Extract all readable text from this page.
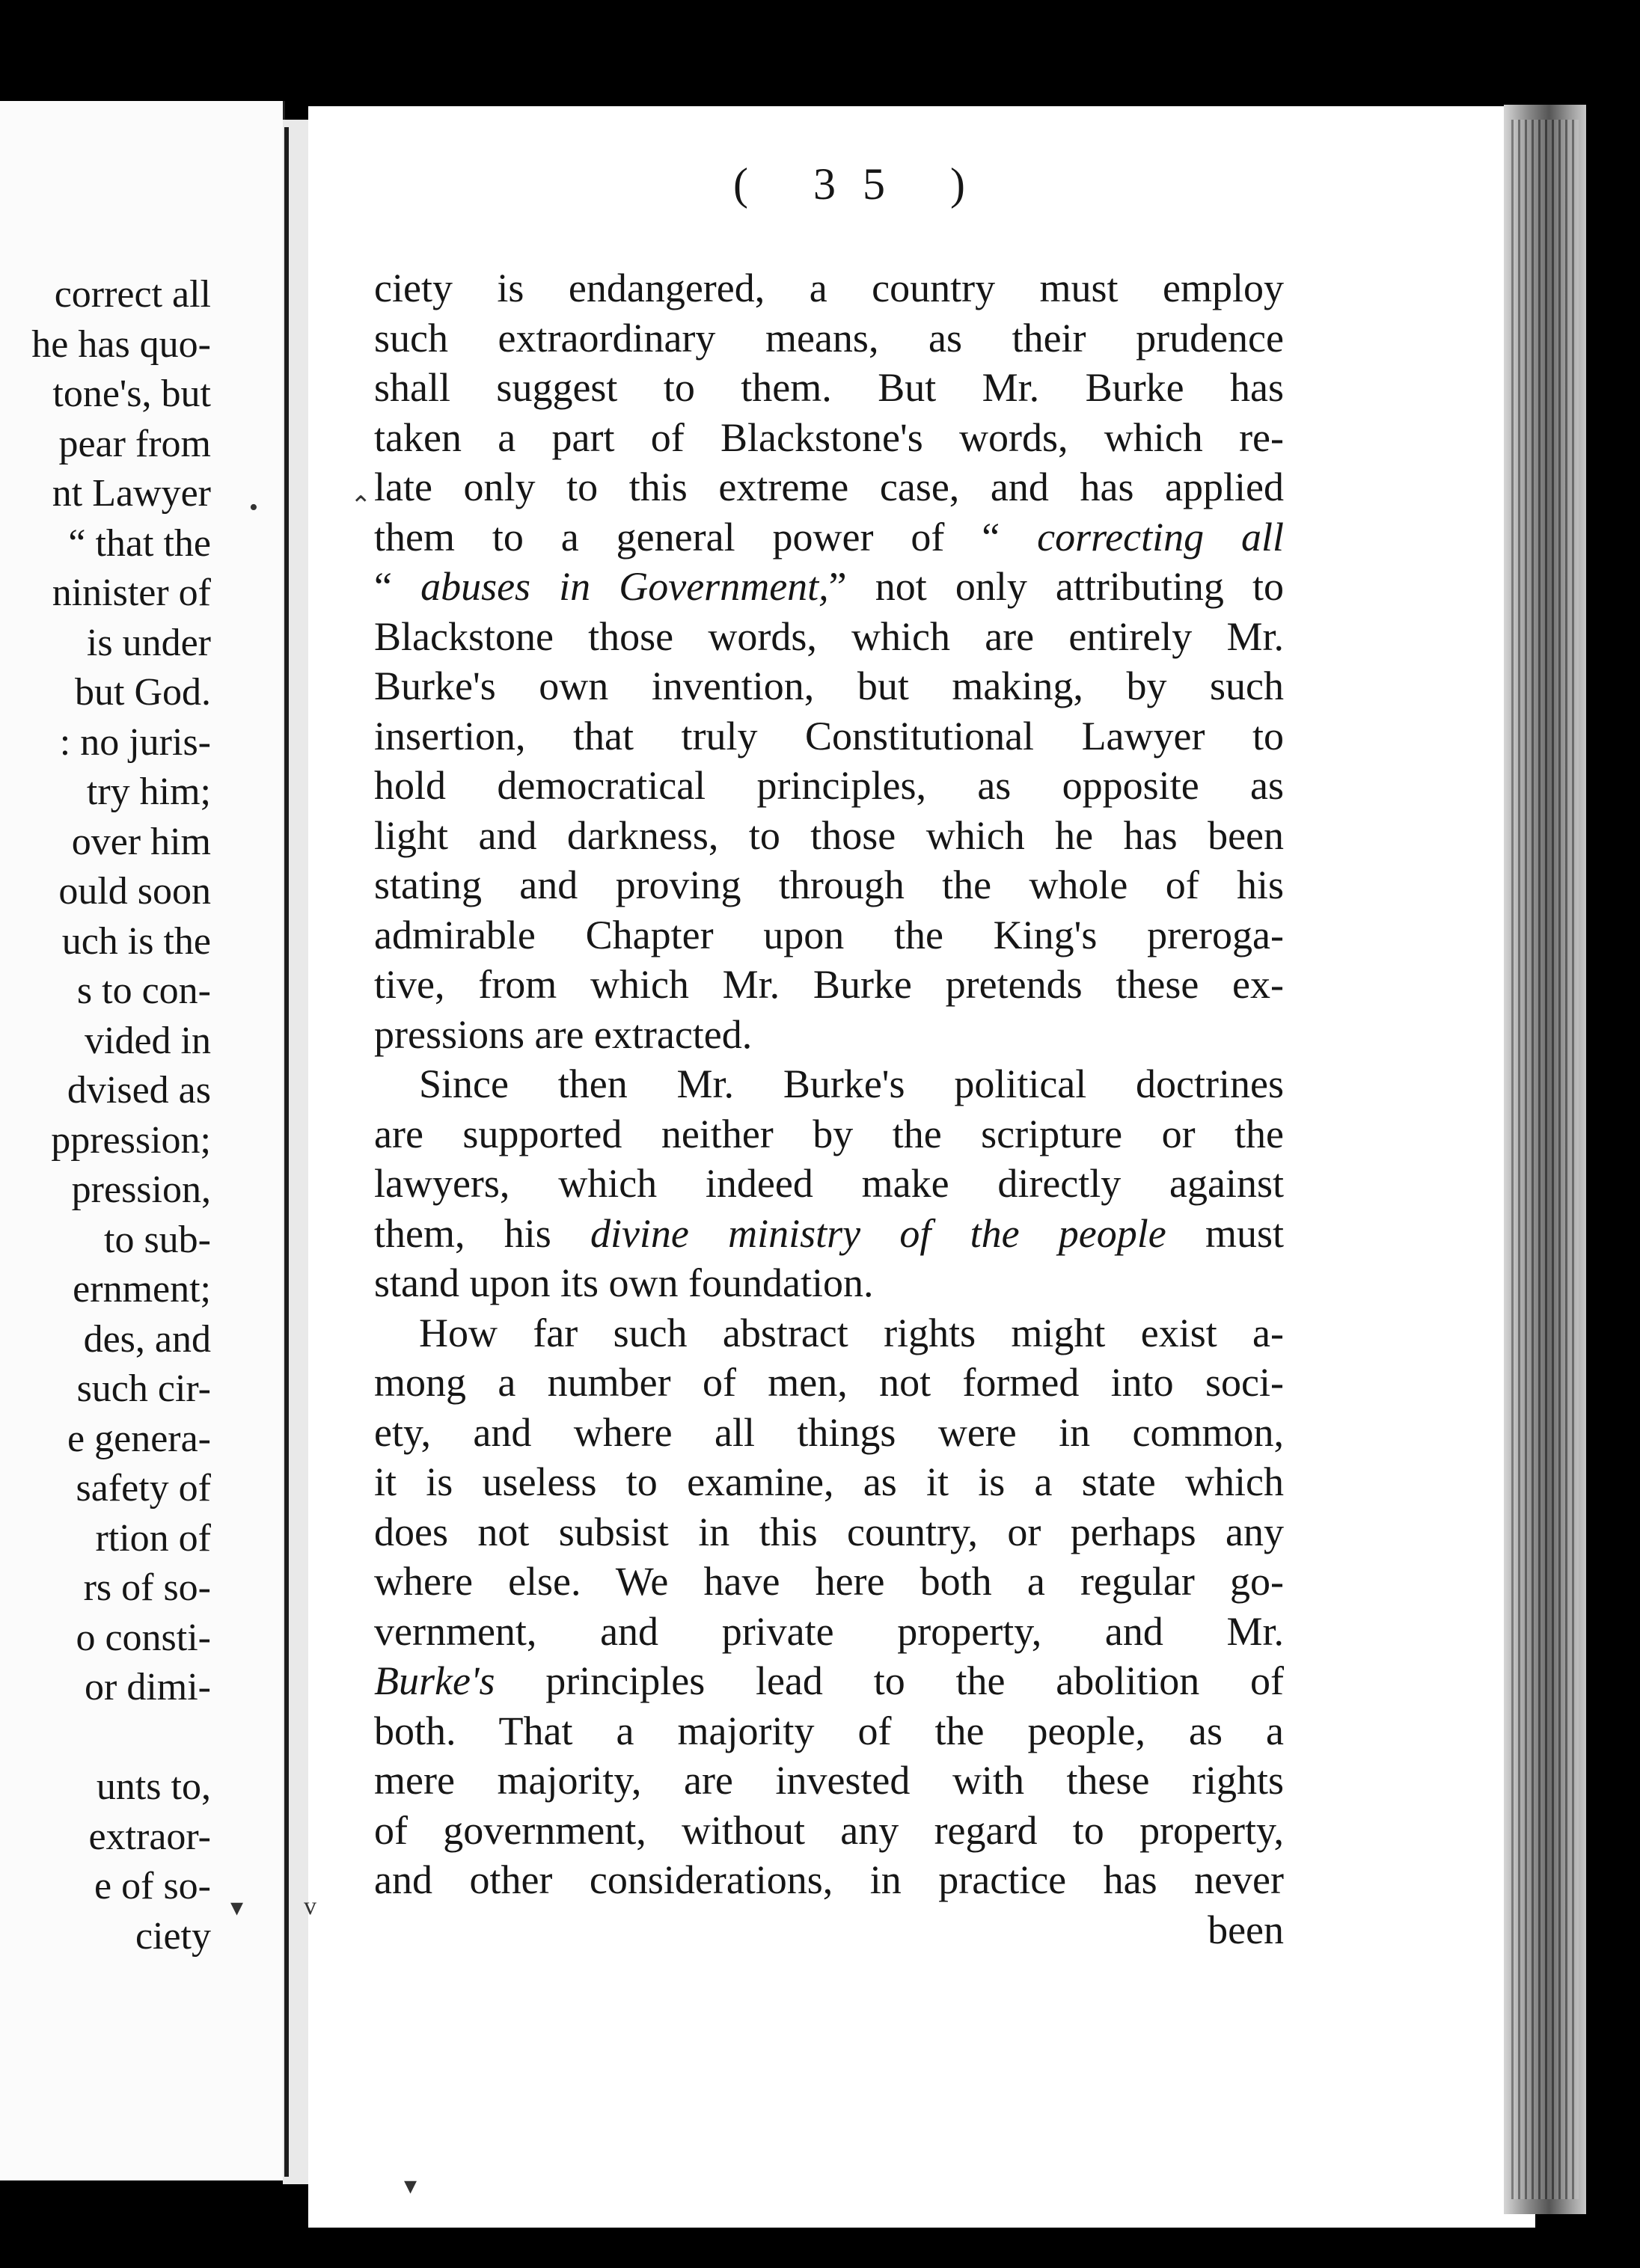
correct all
he has quo-
tone's, but
pear from
nt Lawyer
“ that the
ninister of
is under
but God.
: no juris-
try him;
over him
ould soon
uch is the
s to con-
vided in
dvised as
ppression;
pression,
to sub-
ernment;
des, and
such cir-
e genera-
safety of
rtion of
rs of so-
o consti-
or dimi-
unts to,
extraor-
e of so-
ciety
( 35 )
ciety is endangered, a country must employ
such extraordinary means, as their prudence
shall suggest to them. But Mr. Burke has
taken a part of Blackstone's words, which re-
late only to this extreme case, and has applied
them to a general power of “ correcting all
“ abuses in Government,” not only attributing to
Blackstone those words, which are entirely Mr.
Burke's own invention, but making, by such
insertion, that truly Constitutional Lawyer to
hold democratical principles, as opposite as
light and darkness, to those which he has been
stating and proving through the whole of his
admirable Chapter upon the King's preroga-
tive, from which Mr. Burke pretends these ex-
pressions are extracted.
Since then Mr. Burke's political doctrines
are supported neither by the scripture or the
lawyers, which indeed make directly against
them, his divine ministry of the people must
stand upon its own foundation.
How far such abstract rights might exist a-
mong a number of men, not formed into soci-
ety, and where all things were in common,
it is useless to examine, as it is a state which
does not subsist in this country, or perhaps any
where else. We have here both a regular go-
vernment, and private property, and Mr.
Burke's principles lead to the abolition of
both. That a majority of the people, as a
mere majority, are invested with these rights
of government, without any regard to property,
and other considerations, in practice has never
been
•	⌃
▾ v
▾
